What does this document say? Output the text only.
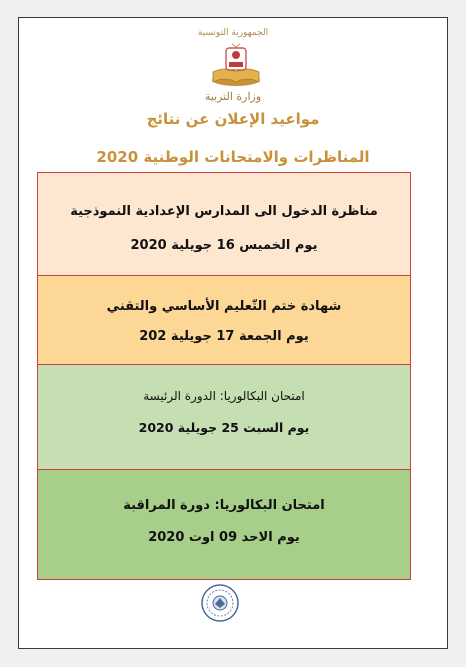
الجمهورية التونسية
وزارة التربية
مواعيد الإعلان عن نتائج
المناظرات والامتحانات الوطنية 2020
مناظرة الدخول الى المدارس الإعدادية النموذجية
يوم الخميس 16 جويلية 2020
شهادة ختم التّعليم الأساسي والتقني
يوم الجمعة 17 جويلية 202
امتحان البكالوريا: الدورة الرئيسة
يوم السبت 25 جويلية 2020
امتحان البكالوريا: دورة المراقبة
يوم الاحد 09 اوت 2020
